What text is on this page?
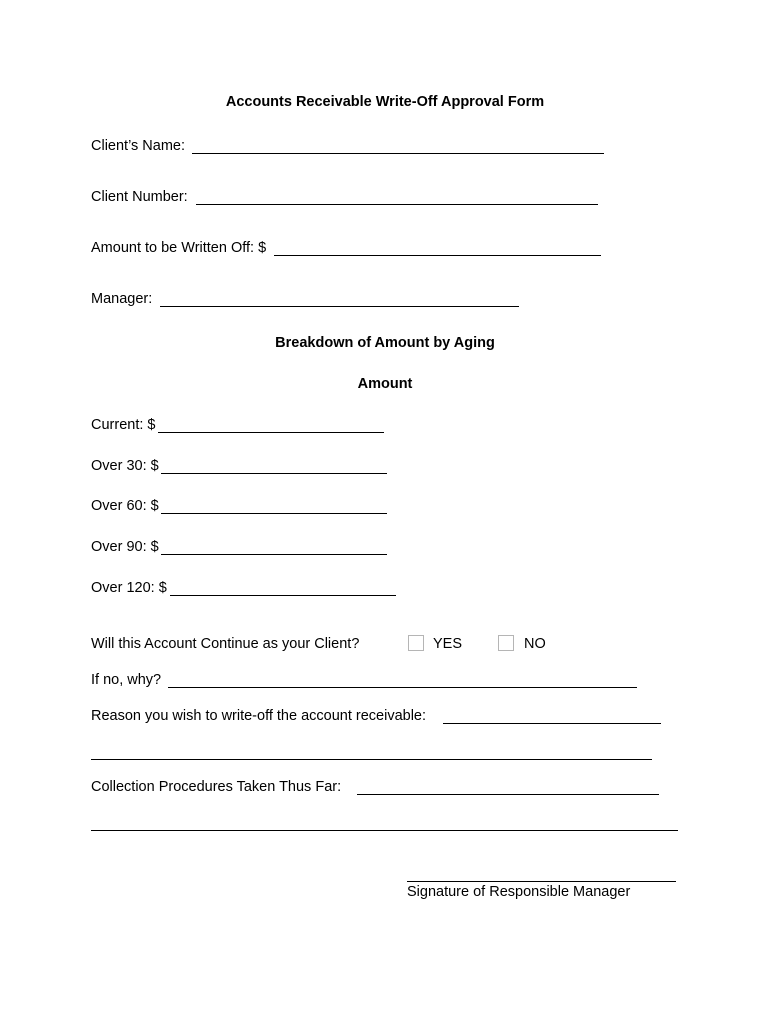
Accounts Receivable Write-Off Approval Form
Client’s Name:
Client Number:
Amount to be Written Off: $
Manager:
Breakdown of Amount by Aging
Amount
Current: $
Over 30: $
Over 60: $
Over 90: $
Over 120: $
Will this Account Continue as your Client?	YES	NO
If no, why?
Reason you wish to write-off the account receivable:
Collection Procedures Taken Thus Far:
Signature of Responsible Manager
